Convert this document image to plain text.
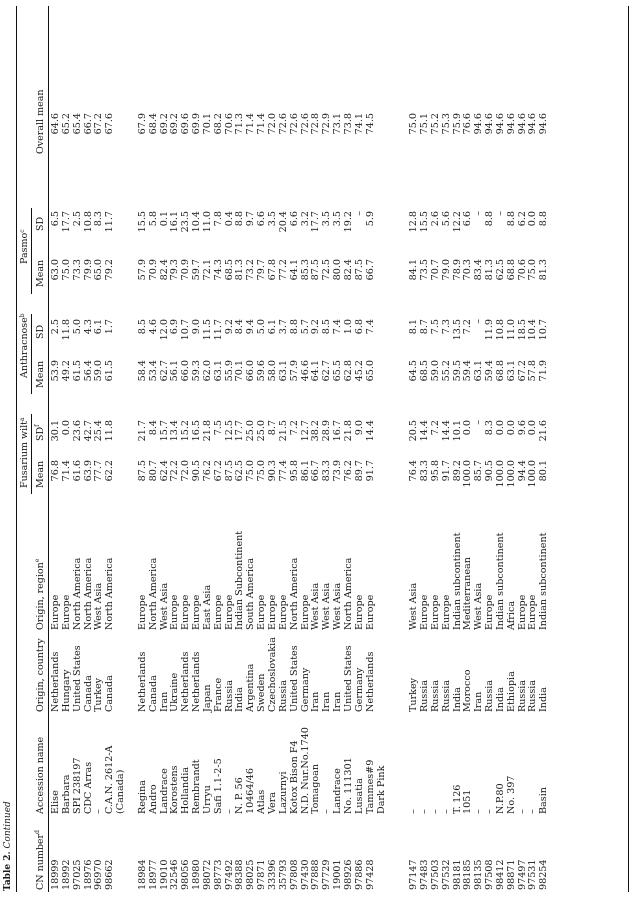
Table 2. Continued
Fusarium wilt$^a$
Anthracnose$^b$
Pasmo$^c$
CN number$^d$
Accession name
Origin, country
Origin, region$^e$
Mean
$SD^f$
Mean
SD
Mean
SD
Overall mean
18999
Elise
Netherlands
Europe
76.8
30.1
53.9
2.5
63.0
6.5
64.6
18992
Barbara
Hungary
Europe
71.4
0.0
49.2
11.8
75.0
17.7
65.2
97025
SPI 238197
United States
North America
61.6
23.6
61.5
5.0
73.3
2.5
65.4
18976
CDC Arras
Canada
North America
63.9
42.7
56.4
4.3
79.9
10.8
66.7
96970
–
Turkey
West Asia
77.7
25.4
59.0
6.1
65.0
8.3
67.2
98662
C.A.N. 2612-A
Canada
North America
62.2
11.8
61.5
1.7
79.2
11.7
67.6
(Canada)
18984
Regina
Netherlands
Europe
87.5
21.7
58.4
8.5
57.9
15.5
67.9
18977
Andro
Canada
North America
80.7
8.4
53.4
4.6
70.9
5.8
68.4
19010
Landrace
Iran
West Asia
62.4
15.7
62.7
12.0
82.4
0.1
69.2
32546
Korostens
Ukraine
Europe
72.2
13.4
56.1
6.9
79.3
16.1
69.2
98056
Hollandia
Netherlands
Europe
72.0
15.2
66.0
10.7
70.9
23.5
69.6
18980
Rembrandt
Netherlands
Europe
90.5
16.5
59.3
9.0
59.7
10.4
69.9
98072
Urryu
Japan
East Asia
76.2
21.8
62.0
11.5
72.1
11.0
70.1
98773
Safi 1.1-2-5
France
Europe
67.2
7.5
63.1
11.7
74.3
7.8
68.2
97492
–
Russia
Europe
87.5
12.5
55.9
9.2
68.5
0.4
70.6
98388
N. P. 56
India
Indian Subcontinent
62.5
17.7
70.1
8.4
81.3
8.8
71.3
98025
10464/46
Argentina
South America
75.0
25.0
66.0
9.4
73.2
9.7
71.4
97871
Atlas
Sweden
Europe
75.0
25.0
59.6
5.0
79.7
6.6
71.4
33396
Vera
Czechoslovakia
Europe
90.3
8.7
58.0
6.1
67.8
3.5
72.0
35793
Lazurnyi
Russia
Europe
77.4
21.5
63.1
3.7
77.2
20.4
72.6
97808
Kotox Bison F4
United States
North America
95.8
7.2
57.9
8.8
64.1
6.6
72.6
97430
N.D. Nur.No.1740
Germany
Europe
86.1
12.7
46.6
5.7
85.3
3.2
72.6
97888
Tomagoan
Iran
West Asia
66.7
38.2
64.1
9.2
87.5
17.7
72.8
97729
–
Iran
West Asia
83.3
28.9
62.7
8.5
72.5
3.5
72.9
19001
Landrace
Iran
West Asia
73.9
16.7
65.5
7.4
80.0
3.5
73.1
98926
No. 111301
United States
North America
76.2
21.8
62.8
1.0
82.4
19.2
73.8
97886
Lusatia
Germany
Europe
89.7
9.0
45.2
6.8
87.5
–
74.1
97428
Tammes#9
Netherlands
Europe
91.7
14.4
65.0
7.4
66.7
5.9
74.5
Dark Pink
97147
–
Turkey
West Asia
76.4
20.5
64.5
8.1
84.1
12.8
75.0
97483
–
Russia
Europe
83.3
14.4
68.5
8.7
73.5
15.5
75.1
97503
–
Russia
Europe
95.8
7.2
59.0
7.5
70.7
2.6
75.2
97532
–
Russia
Europe
91.7
14.4
55.2
7.3
79.0
5.6
75.3
98181
T. 126
India
Indian subcontinent
89.2
10.1
59.5
13.5
78.9
12.2
75.9
98185
1051
Morocco
Mediterranean
100.0
0.0
59.4
7.2
70.3
6.6
76.6
98135
–
Iran
West Asia
85.7
–
63.1
–
83.4
–
94.6
97508
–
Russia
Europe
90.5
8.3
59.4
11.9
81.3
8.8
94.6
98412
N.P.80
India
Indian subcontinent
100.0
0.0
68.8
10.8
62.5
–
94.6
98871
No. 397
Ethiopia
Africa
100.0
0.0
63.1
11.0
68.8
8.8
94.6
97497
–
Russia
Europe
94.4
9.6
67.2
18.5
70.6
6.2
94.6
97531
–
Russia
Europe
100.0
0.0
57.8
10.4
75.0
0.0
94.6
98254
Basin
India
Indian subcontinent
80.1
21.6
71.9
10.7
81.3
8.8
94.6
